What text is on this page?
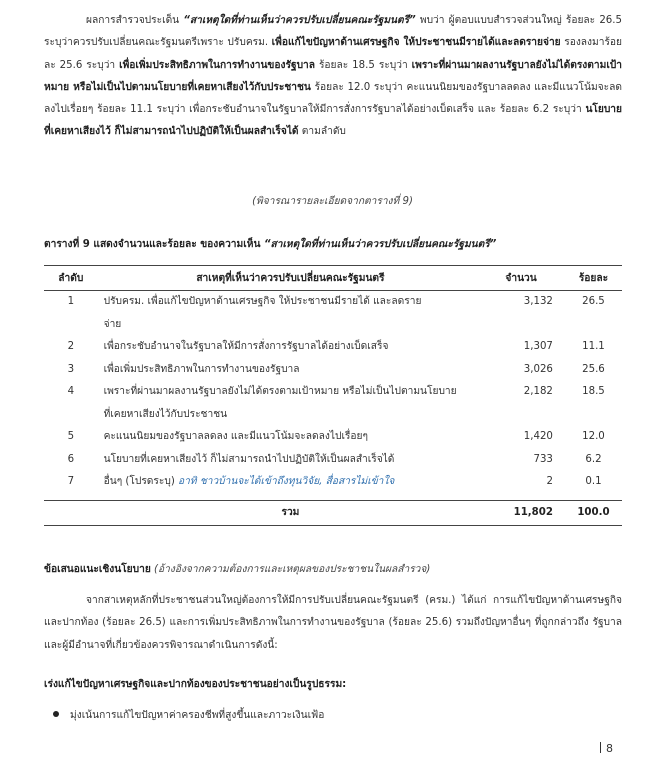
ผลการสำรวจประเด็น “สาเหตุใดที่ท่านเห็นว่าควรปรับเปลี่ยนคณะรัฐมนตรี” พบว่า ผู้ตอบแบบสำรวจส่วนใหญ่ ร้อยละ 26.5 ระบุว่าควรปรับเปลี่ยนคณะรัฐมนตรีเพราะ ปรับครม. เพื่อแก้ไขปัญหาด้านเศรษฐกิจ ให้ประชาชนมีรายได้และลดรายจ่าย รองลงมาร้อยละ 25.6 ระบุว่า เพื่อเพิ่มประสิทธิภาพในการทำงานของรัฐบาล ร้อยละ 18.5 ระบุว่า เพราะที่ผ่านมาผลงานรัฐบาลยังไม่ได้ตรงตามเป้าหมาย หรือไม่เป็นไปตามนโยบายที่เคยหาเสียงไว้กับประชาชน ร้อยละ 12.0 ระบุว่า คะแนนนิยมของรัฐบาลลดลง และมีแนวโน้มจะลดลงไปเรื่อยๆ ร้อยละ 11.1 ระบุว่า เพื่อกระชับอำนาจในรัฐบาลให้มีการสั่งการรัฐบาลได้อย่างเบ็ดเสร็จ และ ร้อยละ 6.2 ระบุว่า นโยบายที่เคยหาเสียงไว้ ก็ไม่สามารถนำไปปฏิบัติให้เป็นผลสำเร็จได้ ตามลำดับ
(พิจารณารายละเอียดจากตารางที่ 9)
ตารางที่ 9 แสดงจำนวนและร้อยละ ของความเห็น “สาเหตุใดที่ท่านเห็นว่าควรปรับเปลี่ยนคณะรัฐมนตรี”
ลำดับ	สาเหตุที่เห็นว่าควรปรับเปลี่ยนคณะรัฐมนตรี	จำนวน	ร้อยละ
1	ปรับครม. เพื่อแก้ไขปัญหาด้านเศรษฐกิจ ให้ประชาชนมีรายได้ และลดรายจ่าย	3,132	26.5
2	เพื่อกระชับอำนาจในรัฐบาลให้มีการสั่งการรัฐบาลได้อย่างเบ็ดเสร็จ	1,307	11.1
3	เพื่อเพิ่มประสิทธิภาพในการทำงานของรัฐบาล	3,026	25.6
4	เพราะที่ผ่านมาผลงานรัฐบาลยังไม่ได้ตรงตามเป้าหมาย หรือไม่เป็นไปตามนโยบายที่เคยหาเสียงไว้กับประชาชน	2,182	18.5
5	คะแนนนิยมของรัฐบาลลดลง และมีแนวโน้มจะลดลงไปเรื่อยๆ	1,420	12.0
6	นโยบายที่เคยหาเสียงไว้ ก็ไม่สามารถนำไปปฏิบัติให้เป็นผลสำเร็จได้	733	6.2
7	อื่นๆ (โปรดระบุ) อาทิ ชาวบ้านจะได้เข้าถึงทุนวิจัย, สื่อสารไม่เข้าใจ	2	0.1
	รวม	11,802	100.0
ข้อเสนอแนะเชิงนโยบาย (อ้างอิงจากความต้องการและเหตุผลของประชาชนในผลสำรวจ)
จากสาเหตุหลักที่ประชาชนส่วนใหญ่ต้องการให้มีการปรับเปลี่ยนคณะรัฐมนตรี (ครม.) ได้แก่ การแก้ไขปัญหาด้านเศรษฐกิจและปากท้อง (ร้อยละ 26.5) และการเพิ่มประสิทธิภาพในการทำงานของรัฐบาล (ร้อยละ 25.6) รวมถึงปัญหาอื่นๆ ที่ถูกกล่าวถึง รัฐบาลและผู้มีอำนาจที่เกี่ยวข้องควรพิจารณาดำเนินการดังนี้:
เร่งแก้ไขปัญหาเศรษฐกิจและปากท้องของประชาชนอย่างเป็นรูปธรรม:
มุ่งเน้นการแก้ไขปัญหาค่าครองชีพที่สูงขึ้นและภาวะเงินเฟ้อ
8
